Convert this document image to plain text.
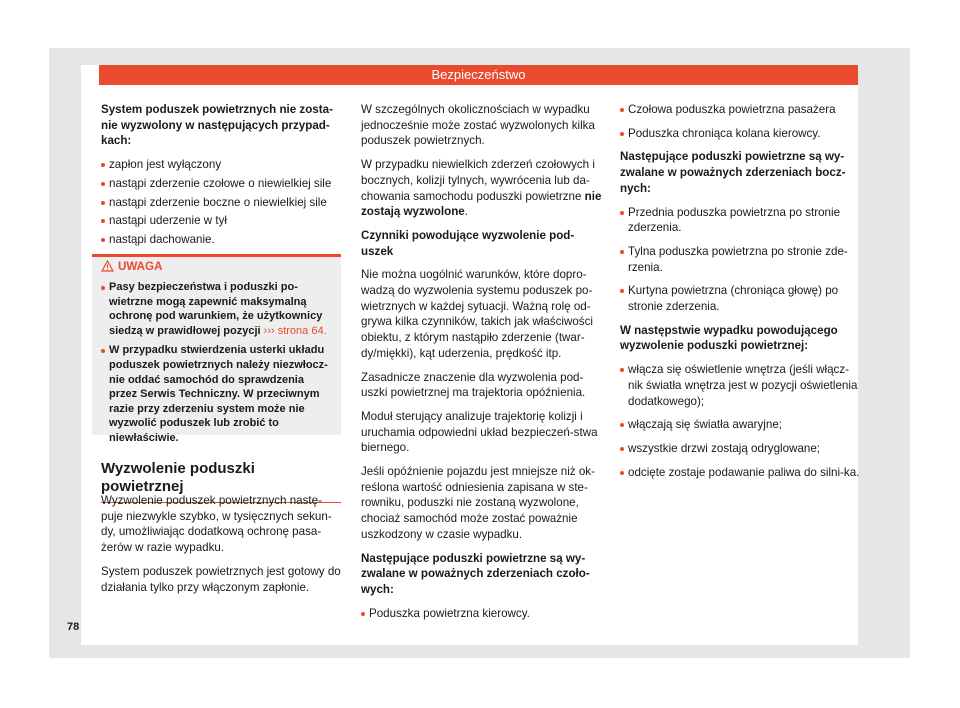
Bezpieczeństwo

System poduszek powietrznych nie zosta-nie wyzwolony w następujących przypad-kach:

zapłon jest wyłączony
nastąpi zderzenie czołowe o niewielkiej sile
nastąpi zderzenie boczne o niewielkiej sile
nastąpi uderzenie w tył
nastąpi dachowanie.
UWAGA
Pasy bezpieczeństwa i poduszki po-wietrzne mogą zapewnić maksymalną ochronę pod warunkiem, że użytkownicy siedzą w prawidłowej pozycji ››› strona 64.
W przypadku stwierdzenia usterki układu poduszek powietrznych należy niezwłocz-nie oddać samochód do sprawdzenia przez Serwis Techniczny. W przeciwnym razie przy zderzeniu system może nie wyzwolić poduszek lub zrobić to niewłaściwie.
Wyzwolenie poduszki powietrznej

Wyzwolenie poduszek powietrznych nastę-puje niezwykle szybko, w tysięcznych sekun-dy, umożliwiając dodatkową ochronę pasa-żerów w razie wypadku.

System poduszek powietrznych jest gotowy do działania tylko przy włączonym zapłonie.

W szczególnych okolicznościach w wypadku jednocześnie może zostać wyzwolonych kilka poduszek powietrznych.

W przypadku niewielkich zderzeń czołowych i bocznych, kolizji tylnych, wywrócenia lub da-chowania samochodu poduszki powietrzne nie zostają wyzwolone.

Czynniki powodujące wyzwolenie pod-uszek

Nie można uogólnić warunków, które dopro-wadzą do wyzwolenia systemu poduszek po-wietrznych w każdej sytuacji. Ważną rolę od-grywa kilka czynników, takich jak właściwości obiektu, z którym nastąpiło zderzenie (twar-dy/miękki), kąt uderzenia, prędkość itp.

Zasadnicze znaczenie dla wyzwolenia pod-uszki powietrznej ma trajektoria opóźnienia.

Moduł sterujący analizuje trajektorię kolizji i uruchamia odpowiedni układ bezpieczeń-stwa biernego.

Jeśli opóźnienie pojazdu jest mniejsze niż ok-reślona wartość odniesienia zapisana w ste-rowniku, poduszki nie zostaną wyzwolone, chociaż samochód może zostać poważnie uszkodzony w czasie wypadku.

Następujące poduszki powietrzne są wy-zwalane w poważnych zderzeniach czoło-wych:

Poduszka powietrzna kierowcy.
Czołowa poduszka powietrzna pasażera
Poduszka chroniąca kolana kierowcy.

Następujące poduszki powietrzne są wy-zwalane w poważnych zderzeniach bocz-nych:

Przednia poduszka powietrzna po stronie zderzenia.
Tylna poduszka powietrzna po stronie zde-rzenia.
Kurtyna powietrzna (chroniąca głowę) po stronie zderzenia.

W następstwie wypadku powodującego wyzwolenie poduszki powietrznej:

włącza się oświetlenie wnętrza (jeśli włącz-nik światła wnętrza jest w pozycji oświetlenia dodatkowego);
włączają się światła awaryjne;
wszystkie drzwi zostają odryglowane;
odcięte zostaje podawanie paliwa do silni-ka.
78
